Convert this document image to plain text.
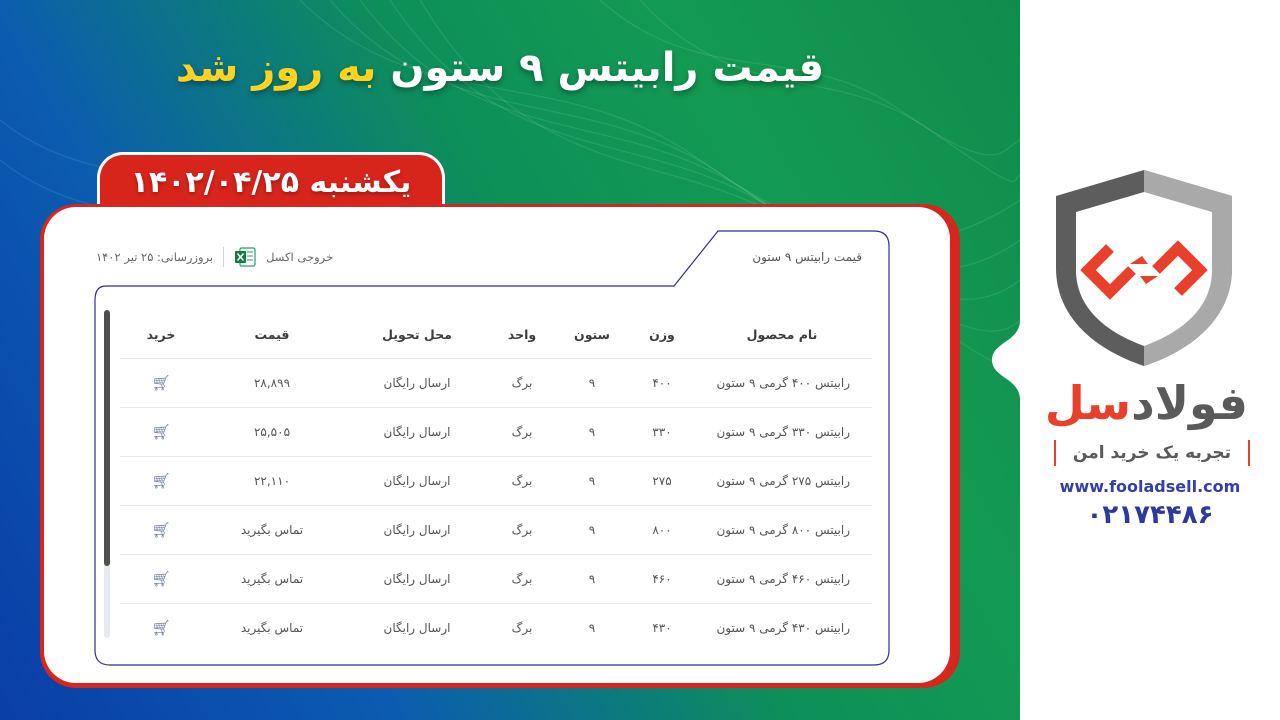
قیمت رابیتس ۹ ستون به روز شد
یکشنبه ۱۴۰۲/۰۴/۲۵
قیمت رابیتس ۹ ستون
خروجی اکسل
بروزرسانی: ۲۵ تیر ۱۴۰۲
نام محصول	وزن	ستون	واحد	محل تحویل	قیمت	خرید
رابیتس ۴۰۰ گرمی ۹ ستون	۴۰۰	۹	برگ	ارسال رایگان	۲۸,۸۹۹	🛒︎
رابیتس ۳۳۰ گرمی ۹ ستون	۳۳۰	۹	برگ	ارسال رایگان	۲۵,۵۰۵	🛒︎
رابیتس ۲۷۵ گرمی ۹ ستون	۲۷۵	۹	برگ	ارسال رایگان	۲۲,۱۱۰	🛒︎
رابیتس ۸۰۰ گرمی ۹ ستون	۸۰۰	۹	برگ	ارسال رایگان	تماس بگیرید	🛒︎
رابیتس ۴۶۰ گرمی ۹ ستون	۴۶۰	۹	برگ	ارسال رایگان	تماس بگیرید	🛒︎
رابیتس ۴۳۰ گرمی ۹ ستون	۴۳۰	۹	برگ	ارسال رایگان	تماس بگیرید	🛒︎
فولادسل
تجربه یک خرید امن
www.fooladsell.com
۰۲۱۷۴۴۸۶
